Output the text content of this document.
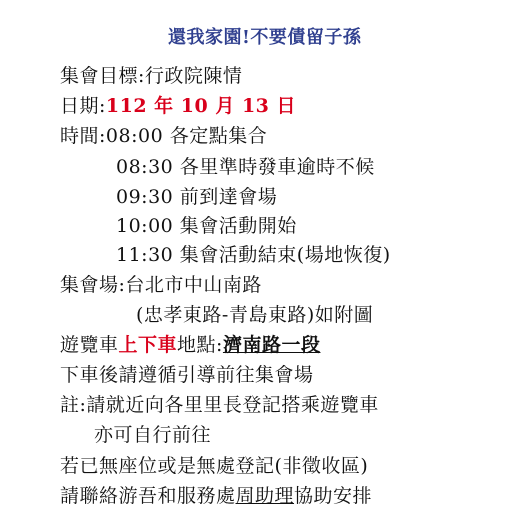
還我家園!不要債留子孫
集會目標:行政院陳情
日期:112 年 10 月 13 日
時間:08:00 各定點集合
08:30 各里準時發車逾時不候
09:30 前到達會場
10:00 集會活動開始
11:30 集會活動結束(場地恢復)
集會場:台北市中山南路
(忠孝東路-青島東路)如附圖
遊覽車上下車地點:濟南路一段
下車後請遵循引導前往集會場
註:請就近向各里里長登記搭乘遊覽車
亦可自行前往
若已無座位或是無處登記(非徵收區)
請聯絡游吾和服務處周助理協助安排
